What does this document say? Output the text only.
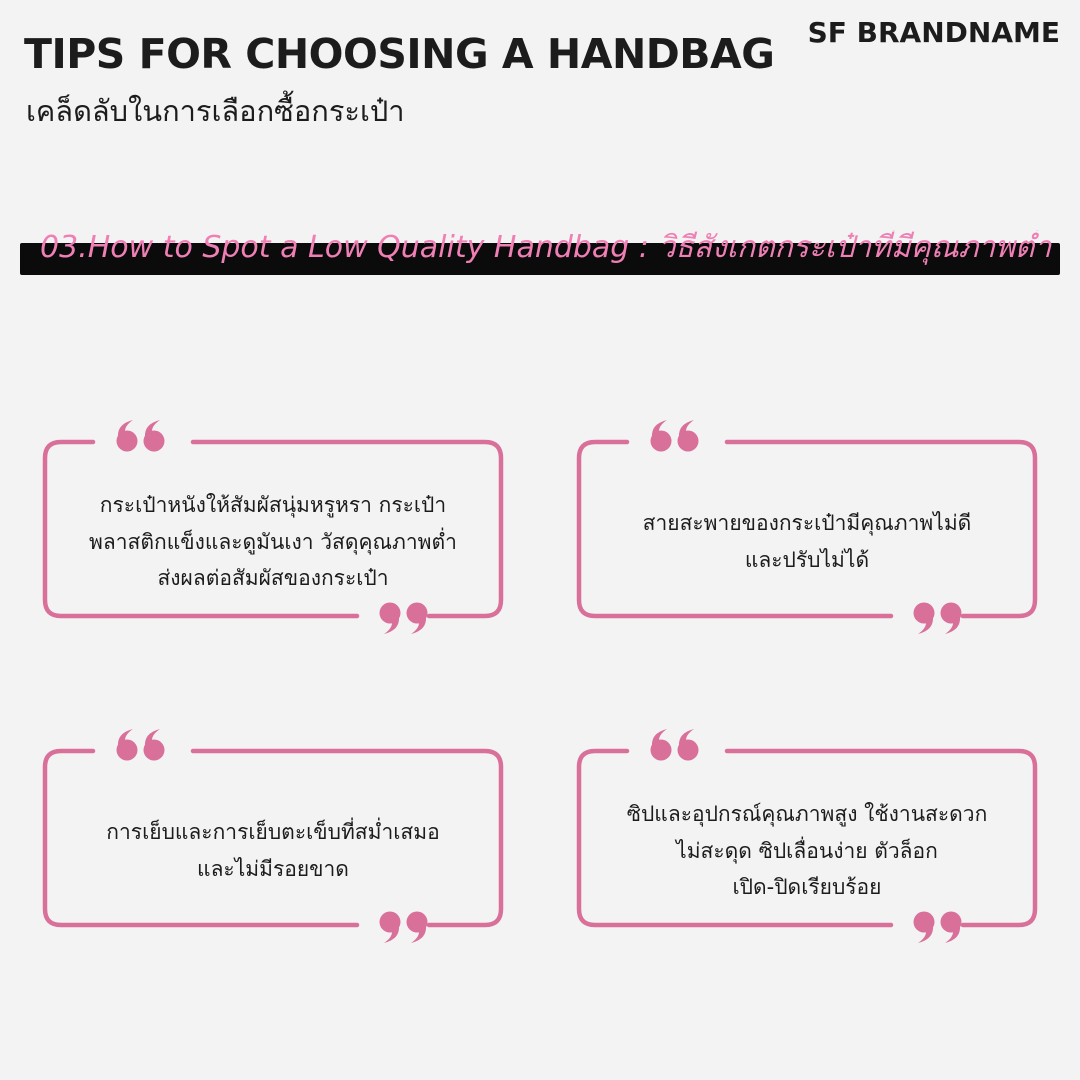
TIPS FOR CHOOSING A HANDBAG

เคล็ดลับในการเลือกซื้อกระเป๋า

SF BRANDNAME
03.How to Spot a Low Quality Handbag : วิธีสังเกตกระเป๋าที่มีคุณภาพต่ำ
กระเป๋าหนังให้สัมผัสนุ่มหรูหรา กระเป๋า
พลาสติกแข็งและดูมันเงา วัสดุคุณภาพต่ำ
ส่งผลต่อสัมผัสของกระเป๋า
สายสะพายของกระเป๋ามีคุณภาพไม่ดี
และปรับไม่ได้
การเย็บและการเย็บตะเข็บที่สม่ำเสมอ
และไม่มีรอยขาด
ซิปและอุปกรณ์คุณภาพสูง ใช้งานสะดวก
ไม่สะดุด ซิปเลื่อนง่าย ตัวล็อก
เปิด-ปิดเรียบร้อย
